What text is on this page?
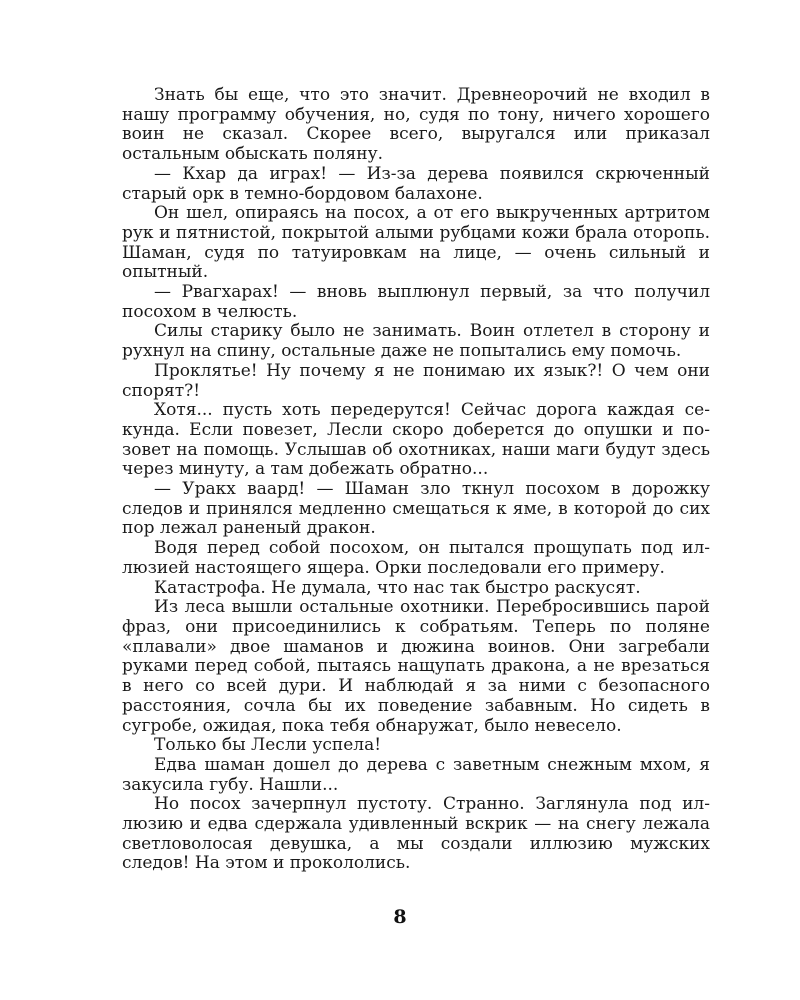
Знать бы еще, что это значит. Древнеорочий не входил в нашу программу обучения, но, судя по тону, ничего хорошего воин не сказал. Скорее всего, выругался или приказал остальным обыскать поляну.

— Кхар да играх! — Из-за дерева появился скрюченный старый орк в темно-бордовом балахоне.

Он шел, опираясь на посох, а от его выкрученных артритом рук и пятнистой, покрытой алыми рубцами кожи брала оторопь. Шаман, судя по татуировкам на лице, — очень сильный и опытный.

— Рвагхарах! — вновь выплюнул первый, за что получил посохом в челюсть.

Силы старику было не занимать. Воин отлетел в сторону и рухнул на спину, остальные даже не попытались ему помочь.

Проклятье! Ну почему я не понимаю их язык?! О чем они спорят?!

Хотя... пусть хоть передерутся! Сейчас дорога каждая секунда. Если повезет, Лесли скоро доберется до опушки и позовет на помощь. Услышав об охотниках, наши маги будут здесь через минуту, а там добежать обратно...

— Уракх ваард! — Шаман зло ткнул посохом в дорожку следов и принялся медленно смещаться к яме, в которой до сих пор лежал раненый дракон.

Водя перед собой посохом, он пытался прощупать под иллюзией настоящего ящера. Орки последовали его примеру.

Катастрофа. Не думала, что нас так быстро раскусят.

Из леса вышли остальные охотники. Перебросившись парой фраз, они присоединились к собратьям. Теперь по поляне «плавали» двое шаманов и дюжина воинов. Они загребали руками перед собой, пытаясь нащупать дракона, а не врезаться в него со всей дури. И наблюдай я за ними с безопасного расстояния, сочла бы их поведение забавным. Но сидеть в сугробе, ожидая, пока тебя обнаружат, было невесело.

Только бы Лесли успела!

Едва шаман дошел до дерева с заветным снежным мхом, я закусила губу. Нашли...

Но посох зачерпнул пустоту. Странно. Заглянула под иллюзию и едва сдержала удивленный вскрик — на снегу лежала светловолосая девушка, а мы создали иллюзию мужских следов! На этом и прокололись.

8
